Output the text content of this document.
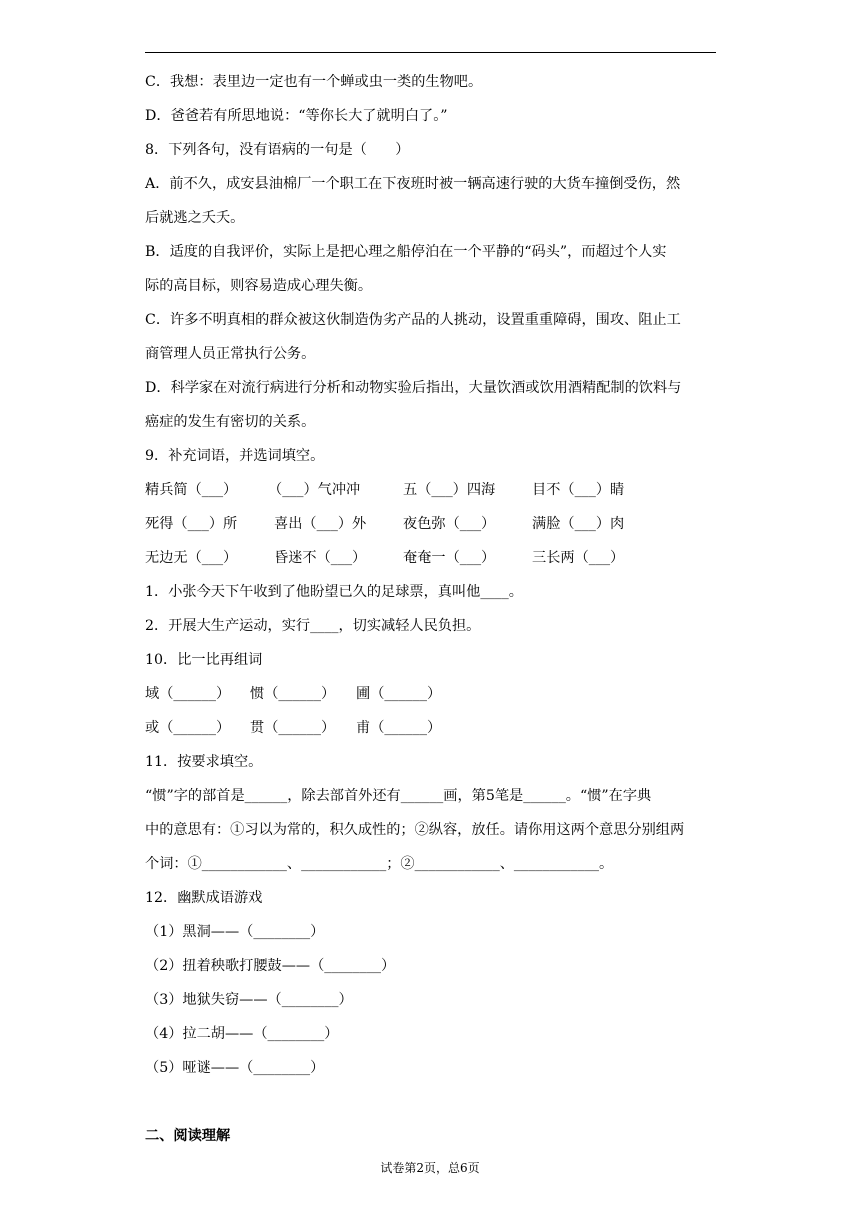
C．我想：表里边一定也有一个蝉或虫一类的生物吧。
D．爸爸若有所思地说：“等你长大了就明白了。”
8．下列各句，没有语病的一句是（　　）
A．前不久，成安县油棉厂一个职工在下夜班时被一辆高速行驶的大货车撞倒受伤，然
后就逃之夭夭。
B．适度的自我评价，实际上是把心理之船停泊在一个平静的“码头”，而超过个人实
际的高目标，则容易造成心理失衡。
C．许多不明真相的群众被这伙制造伪劣产品的人挑动，设置重重障碍，围攻、阻止工
商管理人员正常执行公务。
D．科学家在对流行病进行分析和动物实验后指出，大量饮酒或饮用酒精配制的饮料与
癌症的发生有密切的关系。
9．补充词语，并选词填空。
精兵简（___） （___）气冲冲	五（___）四海	目不（___）睛
死得（___）所	喜出（___）外	夜色弥（___）	满脸（___）肉
无边无（___）	昏迷不（___）	奄奄一（___）	三长两（___）
1．小张今天下午收到了他盼望已久的足球票，真叫他____。
2．开展大生产运动，实行____，切实减轻人民负担。
10．比一比再组词
域（______） 惯（______） 圃（______）
或（______） 贯（______） 甫（______）
11．按要求填空。
“惯”字的部首是______，除去部首外还有______画，第5笔是______。“惯”在字典
中的意思有：①习以为常的，积久成性的；②纵容，放任。请你用这两个意思分别组两
个词：①____________、____________；②____________、____________。
12．幽默成语游戏
（1）黑洞——（________）
（2）扭着秧歌打腰鼓——（________）
（3）地狱失窃——（________）
（4）拉二胡——（________）
（5）哑谜——（________）
二、阅读理解
试卷第2页，总6页
